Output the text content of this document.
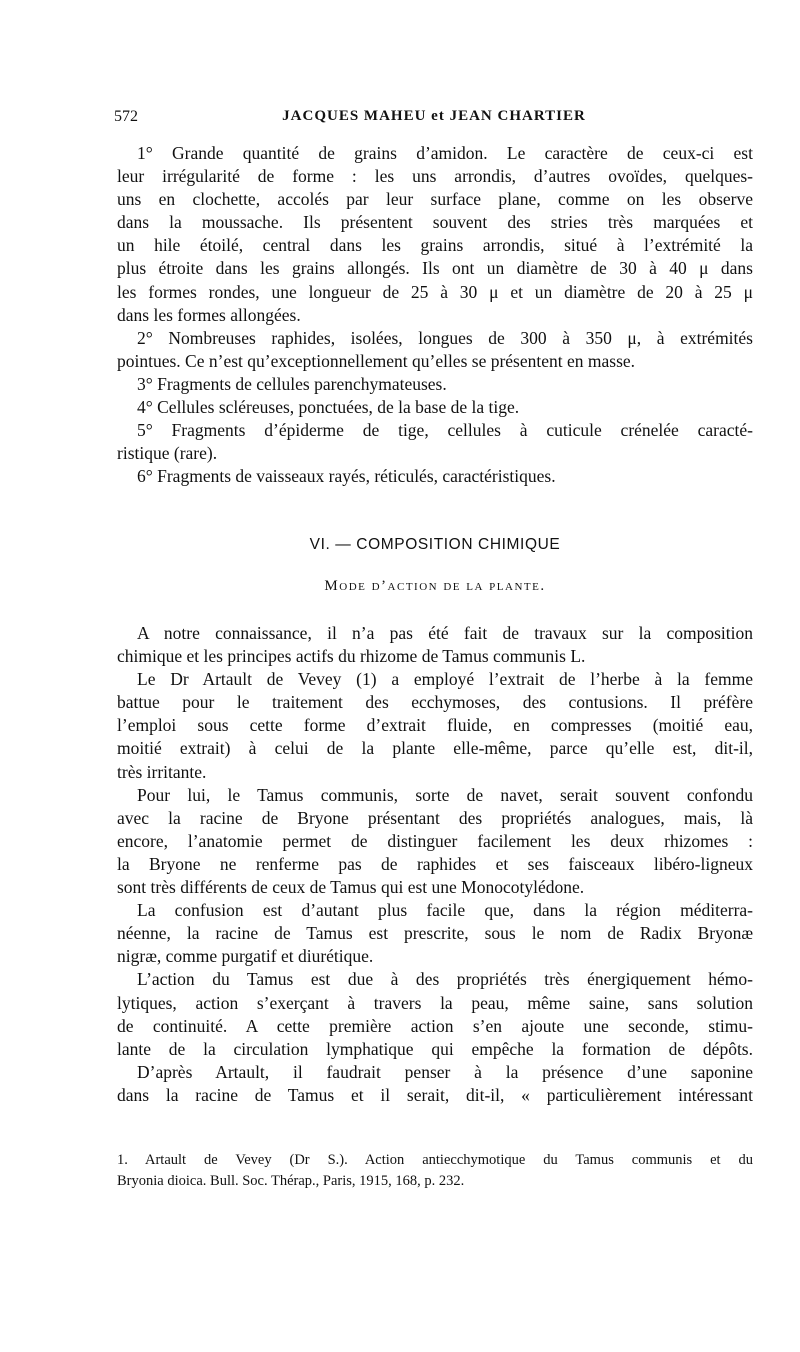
572	JACQUES MAHEU et JEAN CHARTIER
1° Grande quantité de grains d’amidon. Le caractère de ceux-ci est
leur irrégularité de forme : les uns arrondis, d’autres ovoïdes, quelques-
uns en clochette, accolés par leur surface plane, comme on les observe
dans la moussache. Ils présentent souvent des stries très marquées et
un hile étoilé, central dans les grains arrondis, situé à l’extrémité la
plus étroite dans les grains allongés. Ils ont un diamètre de 30 à 40 μ dans
les formes rondes, une longueur de 25 à 30 μ et un diamètre de 20 à 25 μ
dans les formes allongées.
2° Nombreuses raphides, isolées, longues de 300 à 350 μ, à extrémités
pointues. Ce n’est qu’exceptionnellement qu’elles se présentent en masse.
3° Fragments de cellules parenchymateuses.
4° Cellules scléreuses, ponctuées, de la base de la tige.
5° Fragments d’épiderme de tige, cellules à cuticule crénelée caracté-
ristique (rare).
6° Fragments de vaisseaux rayés, réticulés, caractéristiques.
VI. — COMPOSITION CHIMIQUE
Mode d’action de la plante.
A notre connaissance, il n’a pas été fait de travaux sur la composition
chimique et les principes actifs du rhizome de Tamus communis L.
Le Dr Artault de Vevey (1) a employé l’extrait de l’herbe à la femme
battue pour le traitement des ecchymoses, des contusions. Il préfère
l’emploi sous cette forme d’extrait fluide, en compresses (moitié eau,
moitié extrait) à celui de la plante elle-même, parce qu’elle est, dit-il,
très irritante.
Pour lui, le Tamus communis, sorte de navet, serait souvent confondu
avec la racine de Bryone présentant des propriétés analogues, mais, là
encore, l’anatomie permet de distinguer facilement les deux rhizomes :
la Bryone ne renferme pas de raphides et ses faisceaux libéro-ligneux
sont très différents de ceux de Tamus qui est une Monocotylédone.
La confusion est d’autant plus facile que, dans la région méditerra-
néenne, la racine de Tamus est prescrite, sous le nom de Radix Bryonæ
nigræ, comme purgatif et diurétique.
L’action du Tamus est due à des propriétés très énergiquement hémo-
lytiques, action s’exerçant à travers la peau, même saine, sans solution
de continuité. A cette première action s’en ajoute une seconde, stimu-
lante de la circulation lymphatique qui empêche la formation de dépôts.
D’après Artault, il faudrait penser à la présence d’une saponine
dans la racine de Tamus et il serait, dit-il, « particulièrement intéressant
1. Artault de Vevey (Dr S.). Action antiecchymotique du Tamus communis et du
Bryonia dioica. Bull. Soc. Thérap., Paris, 1915, 168, p. 232.
